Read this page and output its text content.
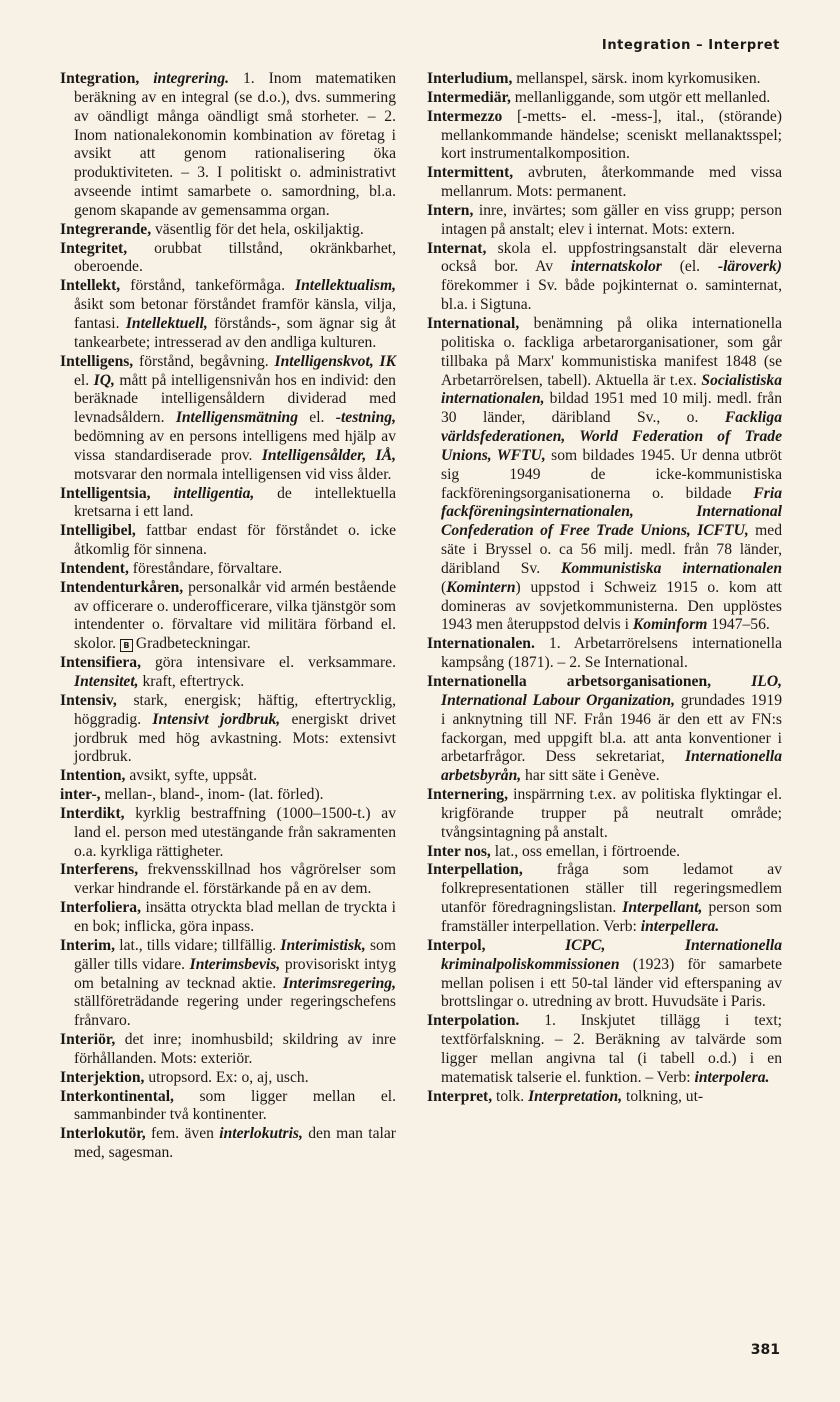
Integration – Interpret

Integration, integrering. 1. Inom matematiken beräkning av en integral (se d.o.), dvs. summering av oändligt många oändligt små storheter. – 2. Inom nationalekonomin kombination av företag i avsikt att genom rationalisering öka produktiviteten. – 3. I politiskt o. administrativt avseende intimt samarbete o. samordning, bl.a. genom skapande av gemensamma organ.

Integrerande, väsentlig för det hela, oskiljaktig.

Integritet, orubbat tillstånd, okränkbarhet, oberoende.

Intellekt, förstånd, tankeförmåga. Intellektualism, åsikt som betonar förståndet framför känsla, vilja, fantasi. Intellektuell, förstånds-, som ägnar sig åt tankearbete; intresserad av den andliga kulturen.

Intelligens, förstånd, begåvning. Intelligenskvot, IK el. IQ, mått på intelligensnivån hos en individ: den beräknade intelligensåldern dividerad med levnadsåldern. Intelligensmätning el. -testning, bedömning av en persons intelligens med hjälp av vissa standardiserade prov. Intelligensålder, IÅ, motsvarar den normala intelligensen vid viss ålder.

Intelligentsia, intelligentia, de intellektuella kretsarna i ett land.

Intelligibel, fattbar endast för förståndet o. icke åtkomlig för sinnena.

Intendent, föreståndare, förvaltare.

Intendenturkåren, personalkår vid armén bestående av officerare o. underofficerare, vilka tjänstgör som intendenter o. förvaltare vid militära förband el. skolor. B Gradbeteckningar.

Intensifiera, göra intensivare el. verksammare. Intensitet, kraft, eftertryck.

Intensiv, stark, energisk; häftig, eftertrycklig, höggradig. Intensivt jordbruk, energiskt drivet jordbruk med hög avkastning. Mots: extensivt jordbruk.

Intention, avsikt, syfte, uppsåt.

inter-, mellan-, bland-, inom- (lat. förled).

Interdikt, kyrklig bestraffning (1000–1500-t.) av land el. person med utestängande från sakramenten o.a. kyrkliga rättigheter.

Interferens, frekvensskillnad hos vågrörelser som verkar hindrande el. förstärkande på en av dem.

Interfoliera, insätta otryckta blad mellan de tryckta i en bok; inflicka, göra inpass.

Interim, lat., tills vidare; tillfällig. Interimistisk, som gäller tills vidare. Interimsbevis, provisoriskt intyg om betalning av tecknad aktie. Interimsregering, ställföreträdande regering under regeringschefens frånvaro.

Interiör, det inre; inomhusbild; skildring av inre förhållanden. Mots: exteriör.

Interjektion, utropsord. Ex: o, aj, usch.

Interkontinental, som ligger mellan el. sammanbinder två kontinenter.

Interlokutör, fem. även interlokutris, den man talar med, sagesman.

Interludium, mellanspel, särsk. inom kyrkomusiken.

Intermediär, mellanliggande, som utgör ett mellanled.

Intermezzo [-metts- el. -mess-], ital., (störande) mellankommande händelse; sceniskt mellanaktsspel; kort instrumentalkomposition.

Intermittent, avbruten, återkommande med vissa mellanrum. Mots: permanent.

Intern, inre, invärtes; som gäller en viss grupp; person intagen på anstalt; elev i internat. Mots: extern.

Internat, skola el. uppfostringsanstalt där eleverna också bor. Av internatskolor (el. -läroverk) förekommer i Sv. både pojkinternat o. saminternat, bl.a. i Sigtuna.

International, benämning på olika internationella politiska o. fackliga arbetarorganisationer, som går tillbaka på Marx' kommunistiska manifest 1848 (se Arbetarrörelsen, tabell). Aktuella är t.ex. Socialistiska internationalen, bildad 1951 med 10 milj. medl. från 30 länder, däribland Sv., o. Fackliga världsfederationen, World Federation of Trade Unions, WFTU, som bildades 1945. Ur denna utbröt sig 1949 de icke-kommunistiska fackföreningsorganisationerna o. bildade Fria fackföreningsinternationalen, International Confederation of Free Trade Unions, ICFTU, med säte i Bryssel o. ca 56 milj. medl. från 78 länder, däribland Sv. Kommunistiska internationalen (Komintern) uppstod i Schweiz 1915 o. kom att domineras av sovjetkommunisterna. Den upplöstes 1943 men återuppstod delvis i Kominform 1947–56.

Internationalen. 1. Arbetarrörelsens internationella kampsång (1871). – 2. Se International.

Internationella arbetsorganisationen,	ILO, International Labour Organization, grundades 1919 i anknytning till NF. Från 1946 är den ett av FN:s fackorgan, med uppgift bl.a. att anta konventioner i arbetarfrågor. Dess sekretariat, Internationella arbetsbyrån, har sitt säte i Genève.

Internering, inspärrning t.ex. av politiska flyktingar el. krigförande trupper på neutralt område; tvångsintagning på anstalt.

Inter nos, lat., oss emellan, i förtroende.

Interpellation, fråga som ledamot av folkrepresentationen ställer till regeringsmedlem utanför föredragningslistan. Interpellant, person som framställer interpellation. Verb: interpellera.

Interpol,	ICPC, Internationella kriminalpoliskommissionen (1923) för samarbete mellan polisen i ett 50-tal länder vid efterspaning av brottslingar o. utredning av brott. Huvudsäte i Paris.

Interpolation. 1. Inskjutet tillägg i text; textförfalskning. – 2. Beräkning av talvärde som ligger mellan angivna tal (i tabell o.d.) i en matematisk talserie el. funktion. – Verb: interpolera.

Interpret, tolk. Interpretation, tolkning, ut-

381
